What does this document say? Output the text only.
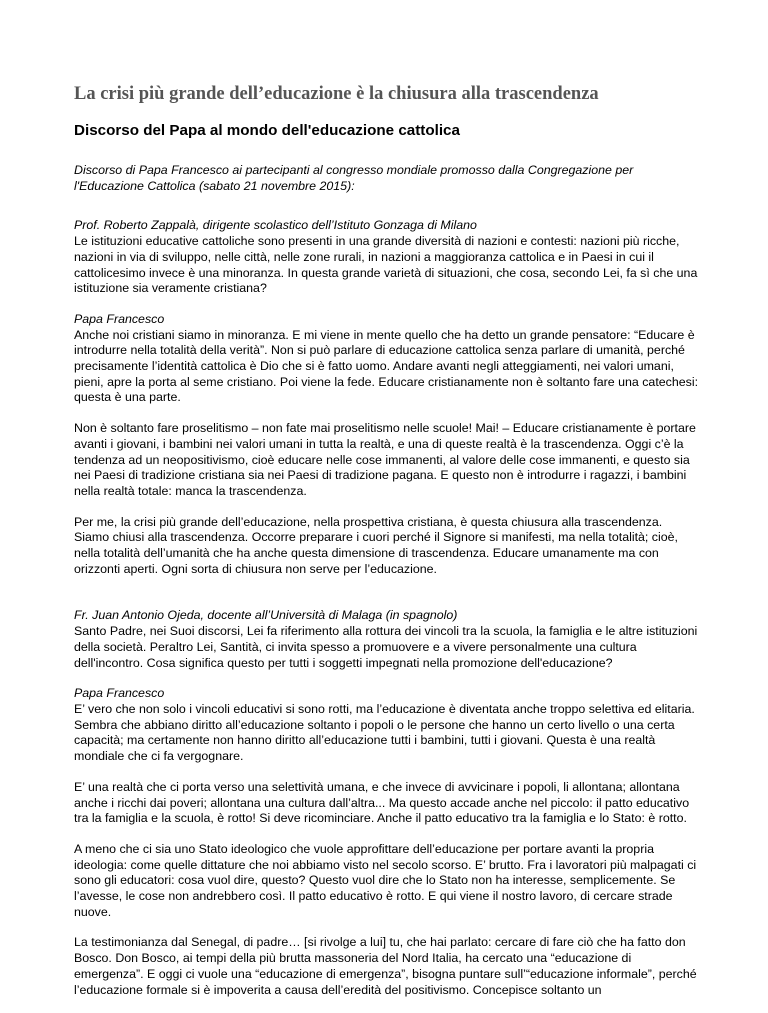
La crisi più grande dell’educazione è la chiusura alla trascendenza
Discorso del Papa al mondo dell'educazione cattolica

Discorso di Papa Francesco ai partecipanti al congresso mondiale promosso dalla Congregazione per l'Educazione Cattolica (sabato 21 novembre 2015):

Prof. Roberto Zappalà, dirigente scolastico dell’Istituto Gonzaga di Milano

Le istituzioni educative cattoliche sono presenti in una grande diversità di nazioni e contesti: nazioni più ricche, nazioni in via di sviluppo, nelle città, nelle zone rurali, in nazioni a maggioranza cattolica e in Paesi in cui il cattolicesimo invece è una minoranza. In questa grande varietà di situazioni, che cosa, secondo Lei, fa sì che una istituzione sia veramente cristiana?

Papa Francesco

Anche noi cristiani siamo in minoranza. E mi viene in mente quello che ha detto un grande pensatore: “Educare è introdurre nella totalità della verità”. Non si può parlare di educazione cattolica senza parlare di umanità, perché precisamente l’identità cattolica è Dio che si è fatto uomo. Andare avanti negli atteggiamenti, nei valori umani, pieni, apre la porta al seme cristiano. Poi viene la fede. Educare cristianamente non è soltanto fare una catechesi: questa è una parte.

Non è soltanto fare proselitismo – non fate mai proselitismo nelle scuole! Mai! – Educare cristianamente è portare avanti i giovani, i bambini nei valori umani in tutta la realtà, e una di queste realtà è la trascendenza. Oggi c’è la tendenza ad un neopositivismo, cioè educare nelle cose immanenti, al valore delle cose immanenti, e questo sia nei Paesi di tradizione cristiana sia nei Paesi di tradizione pagana. E questo non è introdurre i ragazzi, i bambini nella realtà totale: manca la trascendenza.

Per me, la crisi più grande dell’educazione, nella prospettiva cristiana, è questa chiusura alla trascendenza. Siamo chiusi alla trascendenza. Occorre preparare i cuori perché il Signore si manifesti, ma nella totalità; cioè, nella totalità dell’umanità che ha anche questa dimensione di trascendenza. Educare umanamente ma con orizzonti aperti. Ogni sorta di chiusura non serve per l’educazione.

Fr. Juan Antonio Ojeda, docente all’Università di Malaga (in spagnolo)

Santo Padre, nei Suoi discorsi, Lei fa riferimento alla rottura dei vincoli tra la scuola, la famiglia e le altre istituzioni della società. Peraltro Lei, Santità, ci invita spesso a promuovere e a vivere personalmente una cultura dell'incontro. Cosa significa questo per tutti i soggetti impegnati nella promozione dell'educazione?

Papa Francesco

E’ vero che non solo i vincoli educativi si sono rotti, ma l’educazione è diventata anche troppo selettiva ed elitaria. Sembra che abbiano diritto all’educazione soltanto i popoli o le persone che hanno un certo livello o una certa capacità; ma certamente non hanno diritto all’educazione tutti i bambini, tutti i giovani. Questa è una realtà mondiale che ci fa vergognare.

E’ una realtà che ci porta verso una selettività umana, e che invece di avvicinare i popoli, li allontana; allontana anche i ricchi dai poveri; allontana una cultura dall’altra... Ma questo accade anche nel piccolo: il patto educativo tra la famiglia e la scuola, è rotto! Si deve ricominciare. Anche il patto educativo tra la famiglia e lo Stato: è rotto.

A meno che ci sia uno Stato ideologico che vuole approfittare dell’educazione per portare avanti la propria ideologia: come quelle dittature che noi abbiamo visto nel secolo scorso. E’ brutto. Fra i lavoratori più malpagati ci sono gli educatori: cosa vuol dire, questo? Questo vuol dire che lo Stato non ha interesse, semplicemente. Se l’avesse, le cose non andrebbero così. Il patto educativo è rotto. E qui viene il nostro lavoro, di cercare strade nuove.

La testimonianza dal Senegal, di padre… [si rivolge a lui] tu, che hai parlato: cercare di fare ciò che ha fatto don Bosco. Don Bosco, ai tempi della più brutta massoneria del Nord Italia, ha cercato una “educazione di emergenza”. E oggi ci vuole una “educazione di emergenza”, bisogna puntare sull’“educazione informale”, perché l’educazione formale si è impoverita a causa dell’eredità del positivismo. Concepisce soltanto un
